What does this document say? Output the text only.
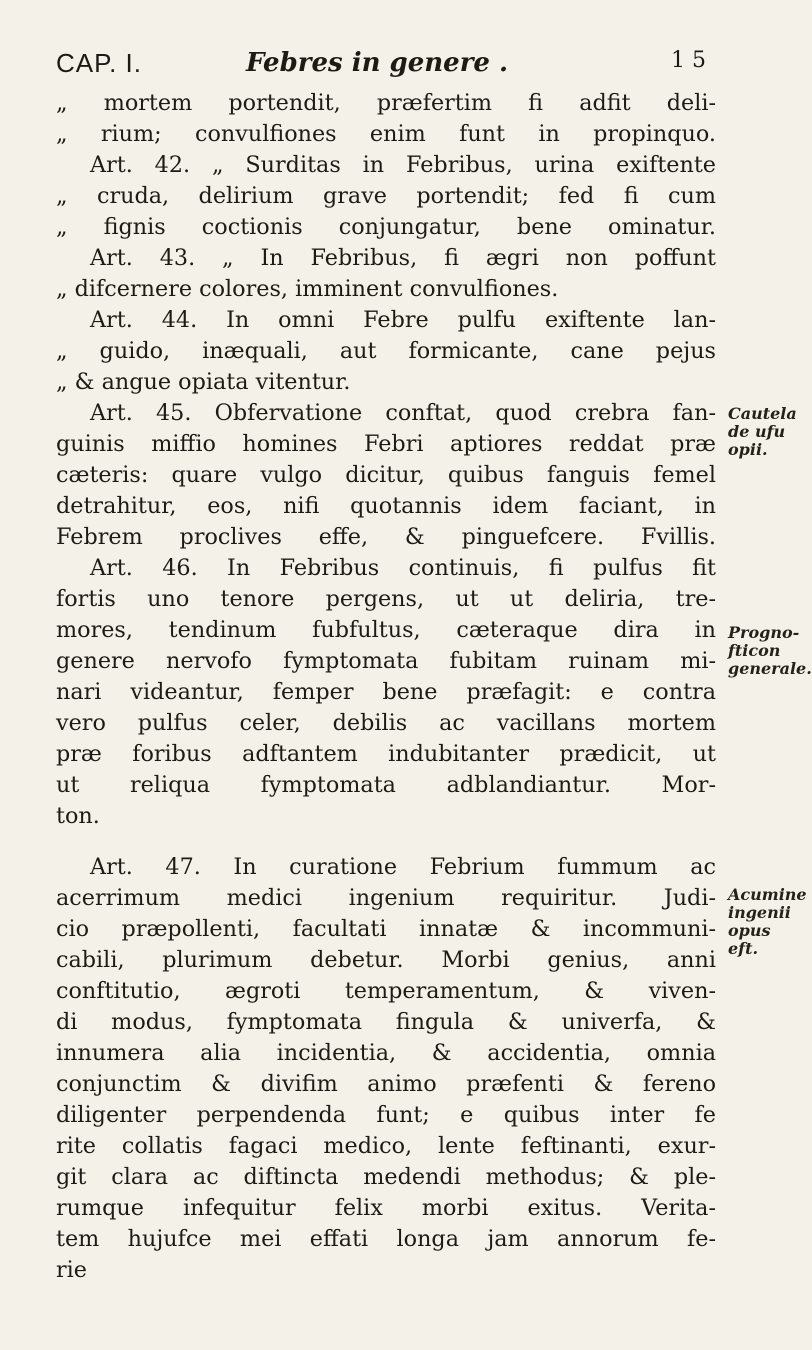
CAP. I.	Febres in genere .	1 5
„ mortem portendit, præfertim fi adfit deli-
„ rium; convulfiones enim funt in propinquo.
Art. 42. „ Surditas in Febribus, urina exiftente
„ cruda, delirium grave portendit; fed fi cum
„ fignis coctionis conjungatur, bene ominatur.
Art. 43. „ In Febribus, fi ægri non poffunt
„ difcernere colores, imminent convulfiones.
Art. 44. In omni Febre pulfu exiftente lan-
„ guido, inæquali, aut formicante, cane pejus
„ & angue opiata vitentur.
Art. 45. Obfervatione conftat, quod crebra fan-
guinis miffio homines Febri aptiores reddat præ
cæteris: quare vulgo dicitur, quibus fanguis femel
detrahitur, eos, nifi quotannis idem faciant, in
Febrem proclives effe, & pinguefcere. Fvillis.
Art. 46. In Febribus continuis, fi pulfus fit
fortis uno tenore pergens, ut ut deliria, tre-
mores, tendinum fubfultus, cæteraque dira in
genere nervofo fymptomata fubitam ruinam mi-
nari videantur, femper bene præfagit: e contra
vero pulfus celer, debilis ac vacillans mortem
præ foribus adftantem indubitanter prædicit, ut
ut reliqua fymptomata adblandiantur. Mor-
ton.
Art. 47. In curatione Febrium fummum ac
acerrimum medici ingenium requiritur. Judi-
cio præpollenti, facultati innatæ & incommuni-
cabili, plurimum debetur. Morbi genius, anni
conftitutio, ægroti temperamentum, & viven-
di modus, fymptomata fingula & univerfa, &
innumera alia incidentia, & accidentia, omnia
conjunctim & divifim animo præfenti & fereno
diligenter perpendenda funt; e quibus inter fe
rite collatis fagaci medico, lente feftinanti, exur-
git clara ac diftincta medendi methodus; & ple-
rumque infequitur felix morbi exitus. Verita-
tem hujufce mei effati longa jam annorum fe-
rie
Cautela
de ufu
opii.
Progno-
fticon
generale.
Acumine
ingenii
opus eft.
